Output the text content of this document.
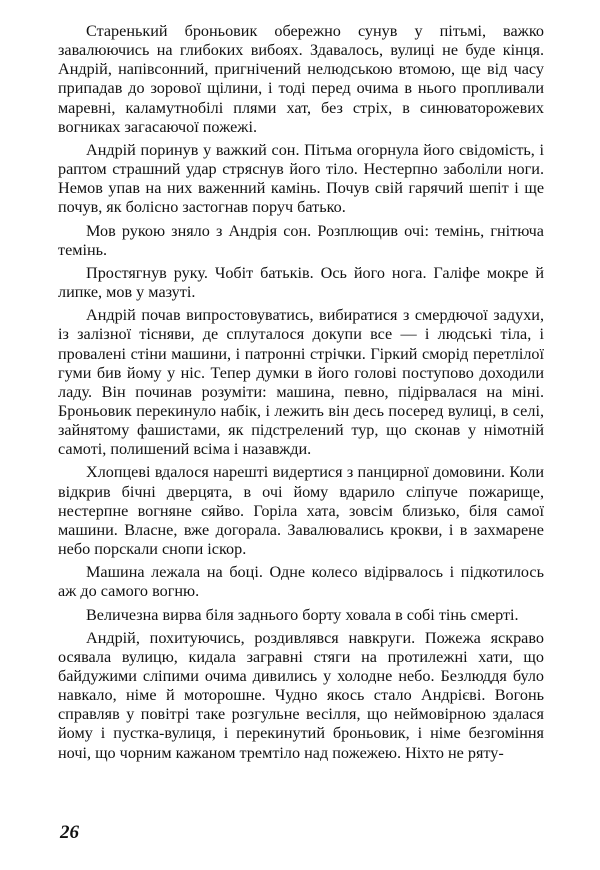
Старенький броньовик обережно сунув у пітьмі, важко завалюючись на глибоких вибоях. Здавалось, вулиці не буде кінця. Андрій, напівсонний, пригнічений нелюдською втомою, ще від часу припадав до зорової щілини, і тоді перед очима в нього пропливали маревні, каламутнобілі плями хат, без стріх, в синюваторожевих вогниках загасаючої пожежі.

Андрій поринув у важкий сон. Пітьма огорнула його свідомість, і раптом страшний удар стряснув його тіло. Нестерпно заболіли ноги. Немов упав на них важенний камінь. Почув свій гарячий шепіт і ще почув, як болісно застогнав поруч батько.

Мов рукою зняло з Андрія сон. Розплющив очі: темінь, гнітюча темінь.

Простягнув руку. Чобіт батьків. Ось його нога. Галіфе мокре й липке, мов у мазуті.

Андрій почав випростовуватись, вибиратися з смердючої задухи, із залізної тісняви, де сплуталося докупи все — і людські тіла, і провалені стіни машини, і патронні стрічки. Гіркий сморід перетлілої гуми бив йому у ніс. Тепер думки в його голові поступово доходили ладу. Він починав розуміти: машина, певно, підірвалася на міні. Броньовик перекинуло набік, і лежить він десь посеред вулиці, в селі, зайнятому фашистами, як підстрелений тур, що сконав у німотній самоті, полишений всіма і назавжди.

Хлопцеві вдалося нарешті видертися з панцирної домовини. Коли відкрив бічні дверцята, в очі йому вдарило сліпуче пожарище, нестерпне вогняне сяйво. Горіла хата, зовсім близько, біля самої машини. Власне, вже догорала. Завалювались крокви, і в захмарене небо порскали снопи іскор.

Машина лежала на боці. Одне колесо відірвалось і підкотилось аж до самого вогню.

Величезна вирва біля заднього борту ховала в собі тінь смерті.

Андрій, похитуючись, роздивлявся навкруги. Пожежа яскраво осявала вулицю, кидала загравні стяги на протилежні хати, що байдужими сліпими очима дивились у холодне небо. Безлюддя було навкало, німе й моторошне. Чудно якось стало Андрієві. Вогонь справляв у повітрі таке розгульне весілля, що неймовірною здалася йому і пуcтка-вулиця, і перекинутий броньовик, і німе безгоміння ночі, що чорним кажаном тремтіло над пожежею. Ніхто не ряту-

26
